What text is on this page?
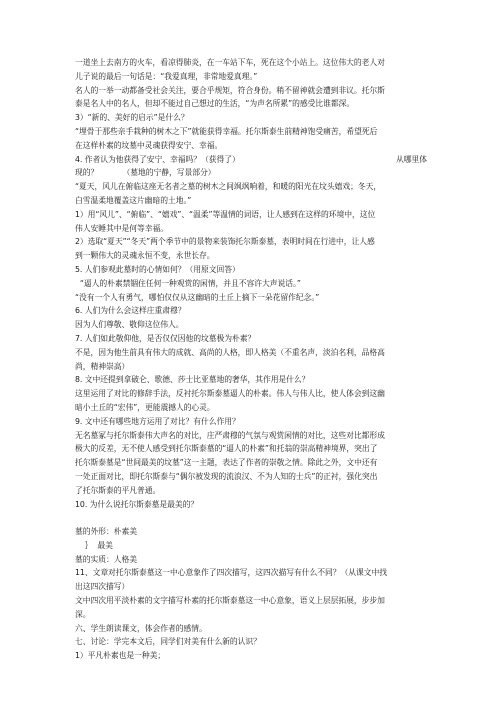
一道坐上去南方的火车，看凉得肺炎，在一车站下车，死在这个小站上。这位伟大的老人对
儿子说的最后一句话是：“我爱真理，非常地爱真理。”
名人的一举一动都备受社会关注，要合乎规矩，符合身份。稍不留神就会遭到非议。托尔斯
泰是名人中的名人，但却不能过自己想过的生活，“为声名所累”的感受比谁都深。
3）“新的、美好的启示”是什么？
“埋骨于那些亲手栽种的树木之下”就能获得幸福。托尔斯泰生前精神饱受痛苦，希望死后
在这样朴素的坟墓中灵魂获得安宁、幸福。
4. 作者认为他获得了安宁、幸福吗？（获得了）	从哪里体
现的？          （墓地的宁静，写景部分）
“夏天，风儿在俯临这座无名者之墓的树木之间飒飒响着，和暖的阳光在坟头嬉戏；冬天，
白雪温柔地覆盖这片幽暗的土地。”
1）用“风儿”、“俯临”、“嬉戏”、“温柔”等温情的词语，让人感到在这样的环境中，这位
伟人安睡其中是何等幸福。
2）选取“夏天”“冬天”两个季节中的景物来装饰托尔斯泰墓，表明时间在行进中，让人感
到一颗伟大的灵魂永恒不变，永世长存。
5. 人们参观此墓时的心情如何？（用原文回答）
“逼人的朴素禁锢住任何一种观赏的闲情，并且不容许大声说话。”
“没有一个人有勇气，哪怕仅仅从这幽暗的土丘上摘下一朵花留作纪念。”
6. 人们为什么会这样庄重肃穆？
因为人们尊敬、敬仰这位伟人。
7. 人们如此敬仰他，是否仅仅因他的坟墓极为朴素？
不是，因为他生前具有伟大的成就、高尚的人格，即人格美（不重名声，淡泊名利，品格高
尚，精神崇高）
8. 文中还提到拿破仑、歌德、莎士比亚墓地的奢华，其作用是什么？
这里运用了对比的修辞手法，反衬托尔斯泰墓逼人的朴素。伟人与伟人比，使人体会到这幽
暗小土丘的“宏伟”，更能震撼人的心灵。
9. 文中还有哪些地方运用了对比？有什么作用？
无名墓冢与托尔斯泰伟大声名的对比，庄严肃穆的气氛与观赏闲情的对比，这些对比都形成
极大的反差，无不使人感受到托尔斯泰墓的“逼人的朴素”和托翁的崇高精神境界，突出了
托尔斯泰墓是“世间最美的坟墓”这一主题，表达了作者的崇敬之情。除此之外，文中还有
一处正面对比，即托尔斯泰与“偶尔被发现的流浪汉、不为人知的士兵”的正衬，强化突出
了托尔斯泰的平凡普通。
10. 为什么说托尔斯泰墓是最美的？
墓的外形：朴素美
｝  最美
墓的实质：人格美
11、文章对托尔斯泰墓这一中心意象作了四次描写，这四次描写有什么不同？（从课文中找
出这四次描写）
文中四次用平淡朴素的文字描写朴素的托尔斯泰墓这一中心意象，语义上层层拓展，步步加
深。
六、学生朗读课文，体会作者的感情。
七、讨论：学完本文后，同学们对美有什么新的认识？
1）平凡朴素也是一种美；
